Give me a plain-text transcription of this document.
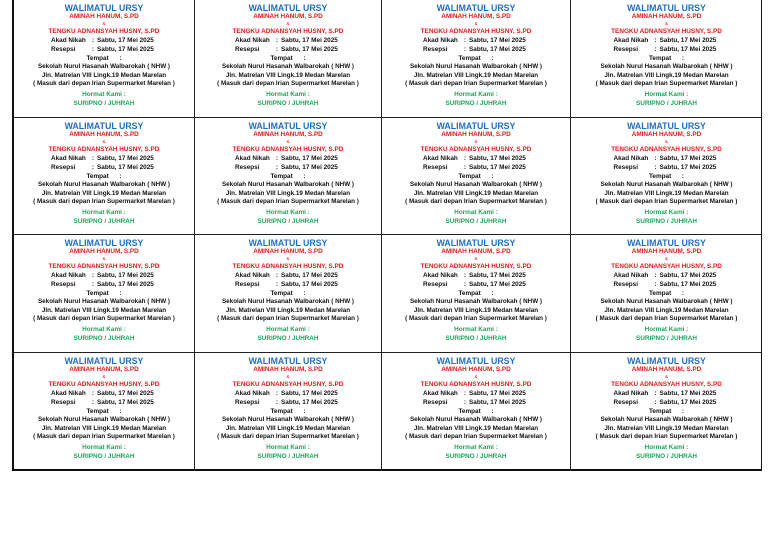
WALIMATUL URSY
AMINAH HANUM, S.PD
&
TENGKU ADNANSYAH HUSNY, S.PD
Akad Nikah : Sabtu, 17 Mei 2025
Resepsi	: Sabtu, 17 Mei 2025
Tempat :
Sekolah Nurul Hasanah Walbarokah ( NHW )
Jln. Matrelan VIII Lingk.19 Medan Marelan
( Masuk dari depan Irian Supermarket Marelan )
Hormat Kami :
SURIPNO / JUHRAH
WALIMATUL URSY
AMINAH HANUM, S.PD
&
TENGKU ADNANSYAH HUSNY, S.PD
Akad Nikah : Sabtu, 17 Mei 2025
Resepsi	: Sabtu, 17 Mei 2025
Tempat :
Sekolah Nurul Hasanah Walbarokah ( NHW )
Jln. Matrelan VIII Lingk.19 Medan Marelan
( Masuk dari depan Irian Supermarket Marelan )
Hormat Kami :
SURIPNO / JUHRAH
WALIMATUL URSY
AMINAH HANUM, S.PD
&
TENGKU ADNANSYAH HUSNY, S.PD
Akad Nikah : Sabtu, 17 Mei 2025
Resepsi	: Sabtu, 17 Mei 2025
Tempat :
Sekolah Nurul Hasanah Walbarokah ( NHW )
Jln. Matrelan VIII Lingk.19 Medan Marelan
( Masuk dari depan Irian Supermarket Marelan )
Hormat Kami :
SURIPNO / JUHRAH
WALIMATUL URSY
AMINAH HANUM, S.PD
&
TENGKU ADNANSYAH HUSNY, S.PD
Akad Nikah : Sabtu, 17 Mei 2025
Resepsi	: Sabtu, 17 Mei 2025
Tempat :
Sekolah Nurul Hasanah Walbarokah ( NHW )
Jln. Matrelan VIII Lingk.19 Medan Marelan
( Masuk dari depan Irian Supermarket Marelan )
Hormat Kami :
SURIPNO / JUHRAH
WALIMATUL URSY
AMINAH HANUM, S.PD
&
TENGKU ADNANSYAH HUSNY, S.PD
Akad Nikah : Sabtu, 17 Mei 2025
Resepsi	: Sabtu, 17 Mei 2025
Tempat :
Sekolah Nurul Hasanah Walbarokah ( NHW )
Jln. Matrelan VIII Lingk.19 Medan Marelan
( Masuk dari depan Irian Supermarket Marelan )
Hormat Kami :
SURIPNO / JUHRAH
WALIMATUL URSY
AMINAH HANUM, S.PD
&
TENGKU ADNANSYAH HUSNY, S.PD
Akad Nikah : Sabtu, 17 Mei 2025
Resepsi	: Sabtu, 17 Mei 2025
Tempat :
Sekolah Nurul Hasanah Walbarokah ( NHW )
Jln. Matrelan VIII Lingk.19 Medan Marelan
( Masuk dari depan Irian Supermarket Marelan )
Hormat Kami :
SURIPNO / JUHRAH
WALIMATUL URSY
AMINAH HANUM, S.PD
&
TENGKU ADNANSYAH HUSNY, S.PD
Akad Nikah : Sabtu, 17 Mei 2025
Resepsi	: Sabtu, 17 Mei 2025
Tempat :
Sekolah Nurul Hasanah Walbarokah ( NHW )
Jln. Matrelan VIII Lingk.19 Medan Marelan
( Masuk dari depan Irian Supermarket Marelan )
Hormat Kami :
SURIPNO / JUHRAH
WALIMATUL URSY
AMINAH HANUM, S.PD
&
TENGKU ADNANSYAH HUSNY, S.PD
Akad Nikah : Sabtu, 17 Mei 2025
Resepsi	: Sabtu, 17 Mei 2025
Tempat :
Sekolah Nurul Hasanah Walbarokah ( NHW )
Jln. Matrelan VIII Lingk.19 Medan Marelan
( Masuk dari depan Irian Supermarket Marelan )
Hormat Kami :
SURIPNO / JUHRAH
WALIMATUL URSY
AMINAH HANUM, S.PD
&
TENGKU ADNANSYAH HUSNY, S.PD
Akad Nikah : Sabtu, 17 Mei 2025
Resepsi	: Sabtu, 17 Mei 2025
Tempat :
Sekolah Nurul Hasanah Walbarokah ( NHW )
Jln. Matrelan VIII Lingk.19 Medan Marelan
( Masuk dari depan Irian Supermarket Marelan )
Hormat Kami :
SURIPNO / JUHRAH
WALIMATUL URSY
AMINAH HANUM, S.PD
&
TENGKU ADNANSYAH HUSNY, S.PD
Akad Nikah : Sabtu, 17 Mei 2025
Resepsi	: Sabtu, 17 Mei 2025
Tempat :
Sekolah Nurul Hasanah Walbarokah ( NHW )
Jln. Matrelan VIII Lingk.19 Medan Marelan
( Masuk dari depan Irian Supermarket Marelan )
Hormat Kami :
SURIPNO / JUHRAH
WALIMATUL URSY
AMINAH HANUM, S.PD
&
TENGKU ADNANSYAH HUSNY, S.PD
Akad Nikah : Sabtu, 17 Mei 2025
Resepsi	: Sabtu, 17 Mei 2025
Tempat :
Sekolah Nurul Hasanah Walbarokah ( NHW )
Jln. Matrelan VIII Lingk.19 Medan Marelan
( Masuk dari depan Irian Supermarket Marelan )
Hormat Kami :
SURIPNO / JUHRAH
WALIMATUL URSY
AMINAH HANUM, S.PD
&
TENGKU ADNANSYAH HUSNY, S.PD
Akad Nikah : Sabtu, 17 Mei 2025
Resepsi	: Sabtu, 17 Mei 2025
Tempat :
Sekolah Nurul Hasanah Walbarokah ( NHW )
Jln. Matrelan VIII Lingk.19 Medan Marelan
( Masuk dari depan Irian Supermarket Marelan )
Hormat Kami :
SURIPNO / JUHRAH
WALIMATUL URSY
AMINAH HANUM, S.PD
&
TENGKU ADNANSYAH HUSNY, S.PD
Akad Nikah : Sabtu, 17 Mei 2025
Resepsi	: Sabtu, 17 Mei 2025
Tempat :
Sekolah Nurul Hasanah Walbarokah ( NHW )
Jln. Matrelan VIII Lingk.19 Medan Marelan
( Masuk dari depan Irian Supermarket Marelan )
Hormat Kami :
SURIPNO / JUHRAH
WALIMATUL URSY
AMINAH HANUM, S.PD
&
TENGKU ADNANSYAH HUSNY, S.PD
Akad Nikah : Sabtu, 17 Mei 2025
Resepsi	: Sabtu, 17 Mei 2025
Tempat :
Sekolah Nurul Hasanah Walbarokah ( NHW )
Jln. Matrelan VIII Lingk.19 Medan Marelan
( Masuk dari depan Irian Supermarket Marelan )
Hormat Kami :
SURIPNO / JUHRAH
WALIMATUL URSY
AMINAH HANUM, S.PD
&
TENGKU ADNANSYAH HUSNY, S.PD
Akad Nikah : Sabtu, 17 Mei 2025
Resepsi	: Sabtu, 17 Mei 2025
Tempat :
Sekolah Nurul Hasanah Walbarokah ( NHW )
Jln. Matrelan VIII Lingk.19 Medan Marelan
( Masuk dari depan Irian Supermarket Marelan )
Hormat Kami :
SURIPNO / JUHRAH
WALIMATUL URSY
AMINAH HANUM, S.PD
&
TENGKU ADNANSYAH HUSNY, S.PD
Akad Nikah : Sabtu, 17 Mei 2025
Resepsi	: Sabtu, 17 Mei 2025
Tempat :
Sekolah Nurul Hasanah Walbarokah ( NHW )
Jln. Matrelan VIII Lingk.19 Medan Marelan
( Masuk dari depan Irian Supermarket Marelan )
Hormat Kami :
SURIPNO / JUHRAH
